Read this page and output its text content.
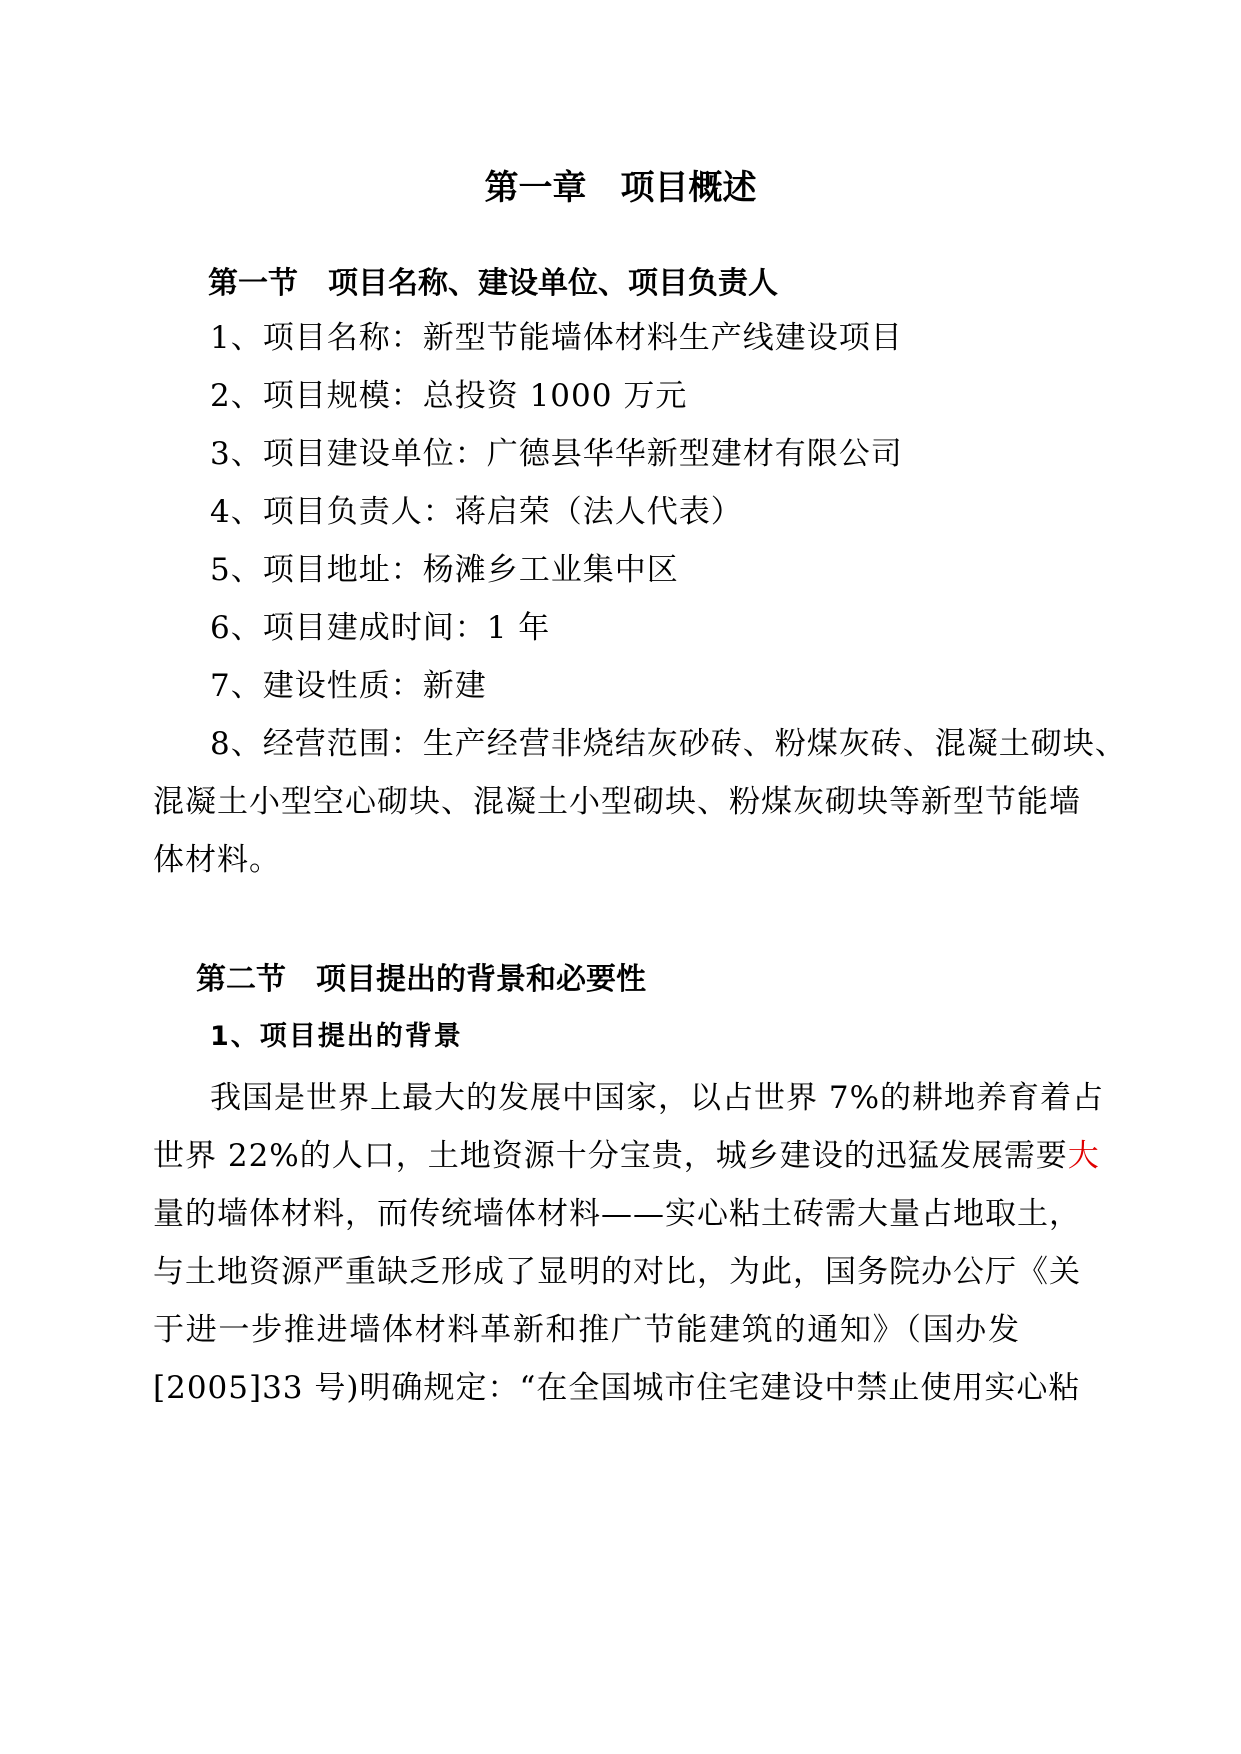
第一章　项目概述
第一节　项目名称、建设单位、项目负责人
1、项目名称：新型节能墙体材料生产线建设项目
2、项目规模：总投资 1000 万元
3、项目建设单位：广德县华华新型建材有限公司
4、项目负责人：蒋启荣（法人代表）
5、项目地址：杨滩乡工业集中区
6、项目建成时间：1 年
7、建设性质：新建
8、经营范围：生产经营非烧结灰砂砖、粉煤灰砖、混凝土砌块、
混凝土小型空心砌块、混凝土小型砌块、粉煤灰砌块等新型节能墙
体材料。
第二节　项目提出的背景和必要性
1、项目提出的背景
我国是世界上最大的发展中国家，以占世界 7%的耕地养育着占
世界 22%的人口，土地资源十分宝贵，城乡建设的迅猛发展需要 大
量的墙体材料，而传统墙体材料——实心粘土砖需大量占地取土，
与土地资源严重缺乏形成了显明的对比，为此，国务院办公厅《关
于进一步推进墙体材料革新和推广节能建筑的通知》（国办发
[2005]33 号)明确规定：“在全国城市住宅建设中禁止使用实心粘
